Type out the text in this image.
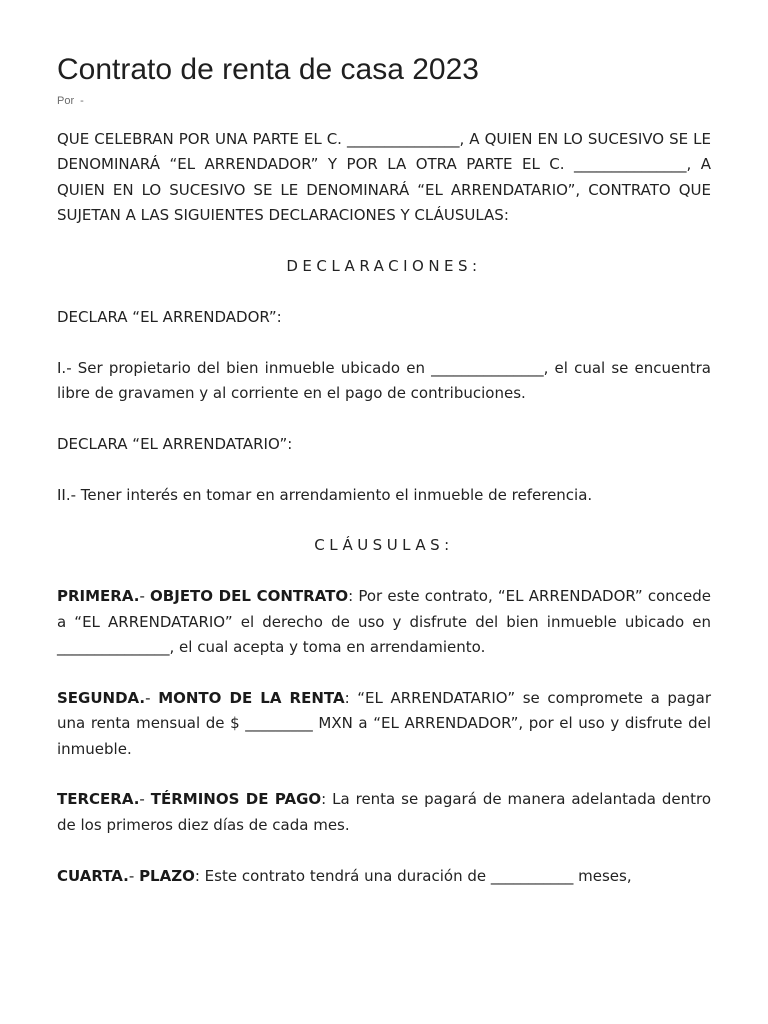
Contrato de renta de casa 2023
Por -

QUE CELEBRAN POR UNA PARTE EL C. _______________, A QUIEN EN LO SUCESIVO SE LE DENOMINARÁ “EL ARRENDADOR” Y POR LA OTRA PARTE EL C. _______________, A QUIEN EN LO SUCESIVO SE LE DENOMINARÁ “EL ARRENDATARIO”, CONTRATO QUE SUJETAN A LAS SIGUIENTES DECLARACIONES Y CLÁUSULAS:

DECLARACIONES:

DECLARA “EL ARRENDADOR”:

I.- Ser propietario del bien inmueble ubicado en _______________, el cual se encuentra libre de gravamen y al corriente en el pago de contribuciones.

DECLARA “EL ARRENDATARIO”:

II.- Tener interés en tomar en arrendamiento el inmueble de referencia.

CLÁUSULAS:

PRIMERA.- OBJETO DEL CONTRATO: Por este contrato, “EL ARRENDADOR” concede a “EL ARRENDATARIO” el derecho de uso y disfrute del bien inmueble ubicado en _______________, el cual acepta y toma en arrendamiento.

SEGUNDA.- MONTO DE LA RENTA: “EL ARRENDATARIO” se compromete a pagar una renta mensual de $ _________ MXN a “EL ARRENDADOR”, por el uso y disfrute del inmueble.

TERCERA.- TÉRMINOS DE PAGO: La renta se pagará de manera adelantada dentro de los primeros diez días de cada mes.

CUARTA.- PLAZO: Este contrato tendrá una duración de ___________ meses,
